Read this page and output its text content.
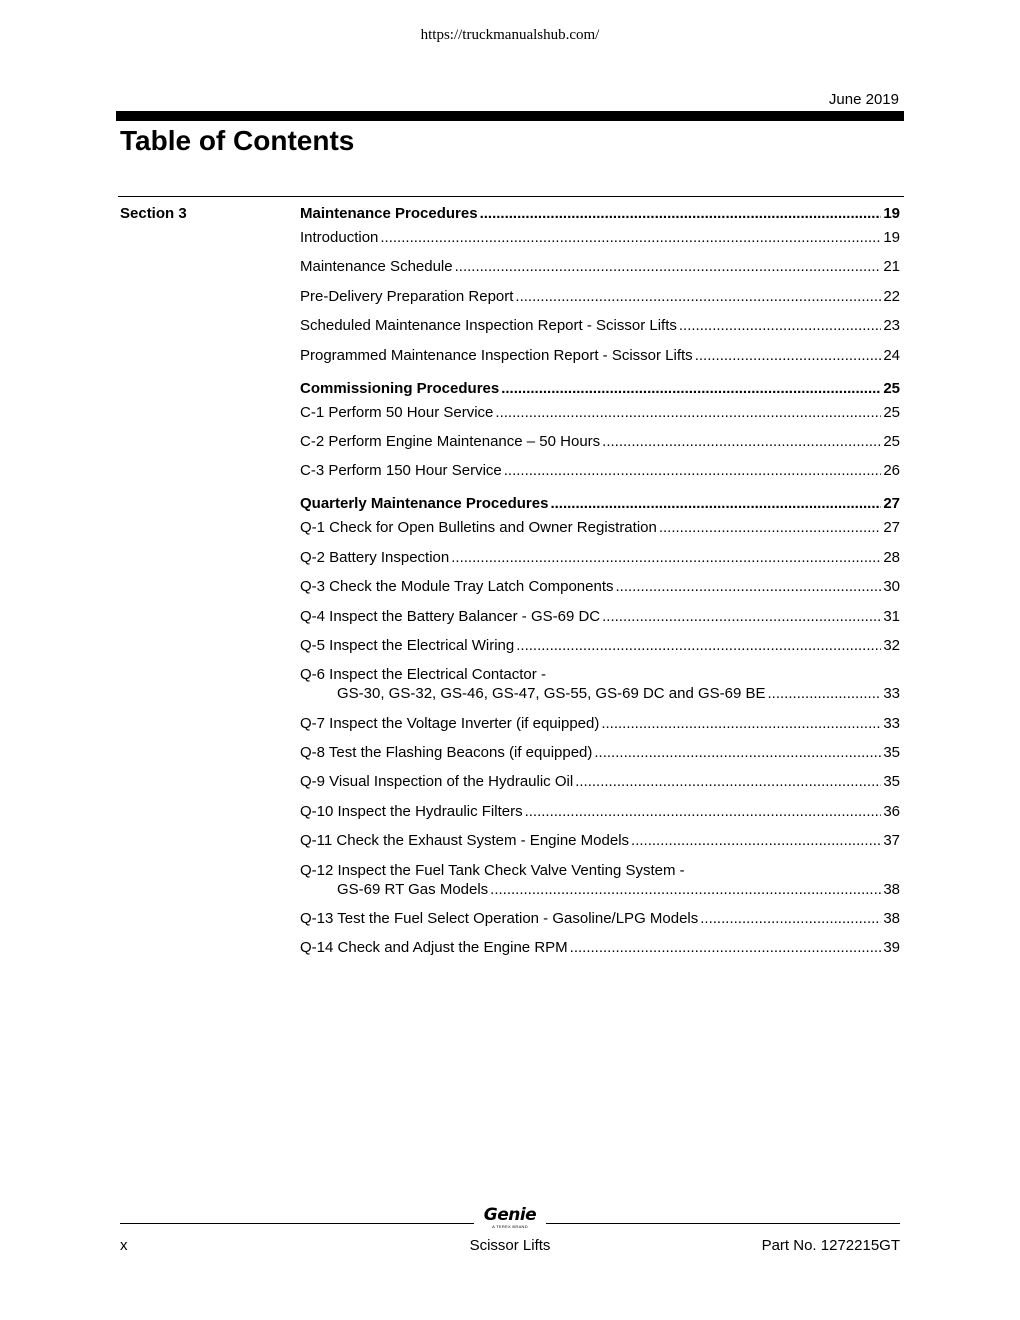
https://truckmanualshub.com/
June 2019
Table of Contents
Section 3	Maintenance Procedures .....	19
Introduction .....	19
Maintenance Schedule .....	21
Pre-Delivery Preparation Report .....	22
Scheduled Maintenance Inspection Report - Scissor Lifts .....	23
Programmed Maintenance Inspection Report - Scissor Lifts .....	24
Commissioning Procedures .....	25
C-1 Perform 50 Hour Service .....	25
C-2 Perform Engine Maintenance – 50 Hours .....	25
C-3 Perform 150 Hour Service .....	26
Quarterly Maintenance Procedures .....	27
Q-1 Check for Open Bulletins and Owner Registration .....	27
Q-2 Battery Inspection .....	28
Q-3 Check the Module Tray Latch Components .....	30
Q-4 Inspect the Battery Balancer - GS-69 DC .....	31
Q-5 Inspect the Electrical Wiring .....	32
Q-6 Inspect the Electrical Contactor -
GS-30, GS-32, GS-46, GS-47, GS-55, GS-69 DC and GS-69 BE .....	33
Q-7 Inspect the Voltage Inverter (if equipped) .....	33
Q-8 Test the Flashing Beacons (if equipped) .....	35
Q-9 Visual Inspection of the Hydraulic Oil .....	35
Q-10 Inspect the Hydraulic Filters .....	36
Q-11 Check the Exhaust System - Engine Models .....	37
Q-12 Inspect the Fuel Tank Check Valve Venting System -
GS-69 RT Gas Models .....	38
Q-13 Test the Fuel Select Operation - Gasoline/LPG Models .....	38
Q-14 Check and Adjust the Engine RPM .....	39
Genie
A TEREX BRAND
x	Scissor Lifts	Part No. 1272215GT
